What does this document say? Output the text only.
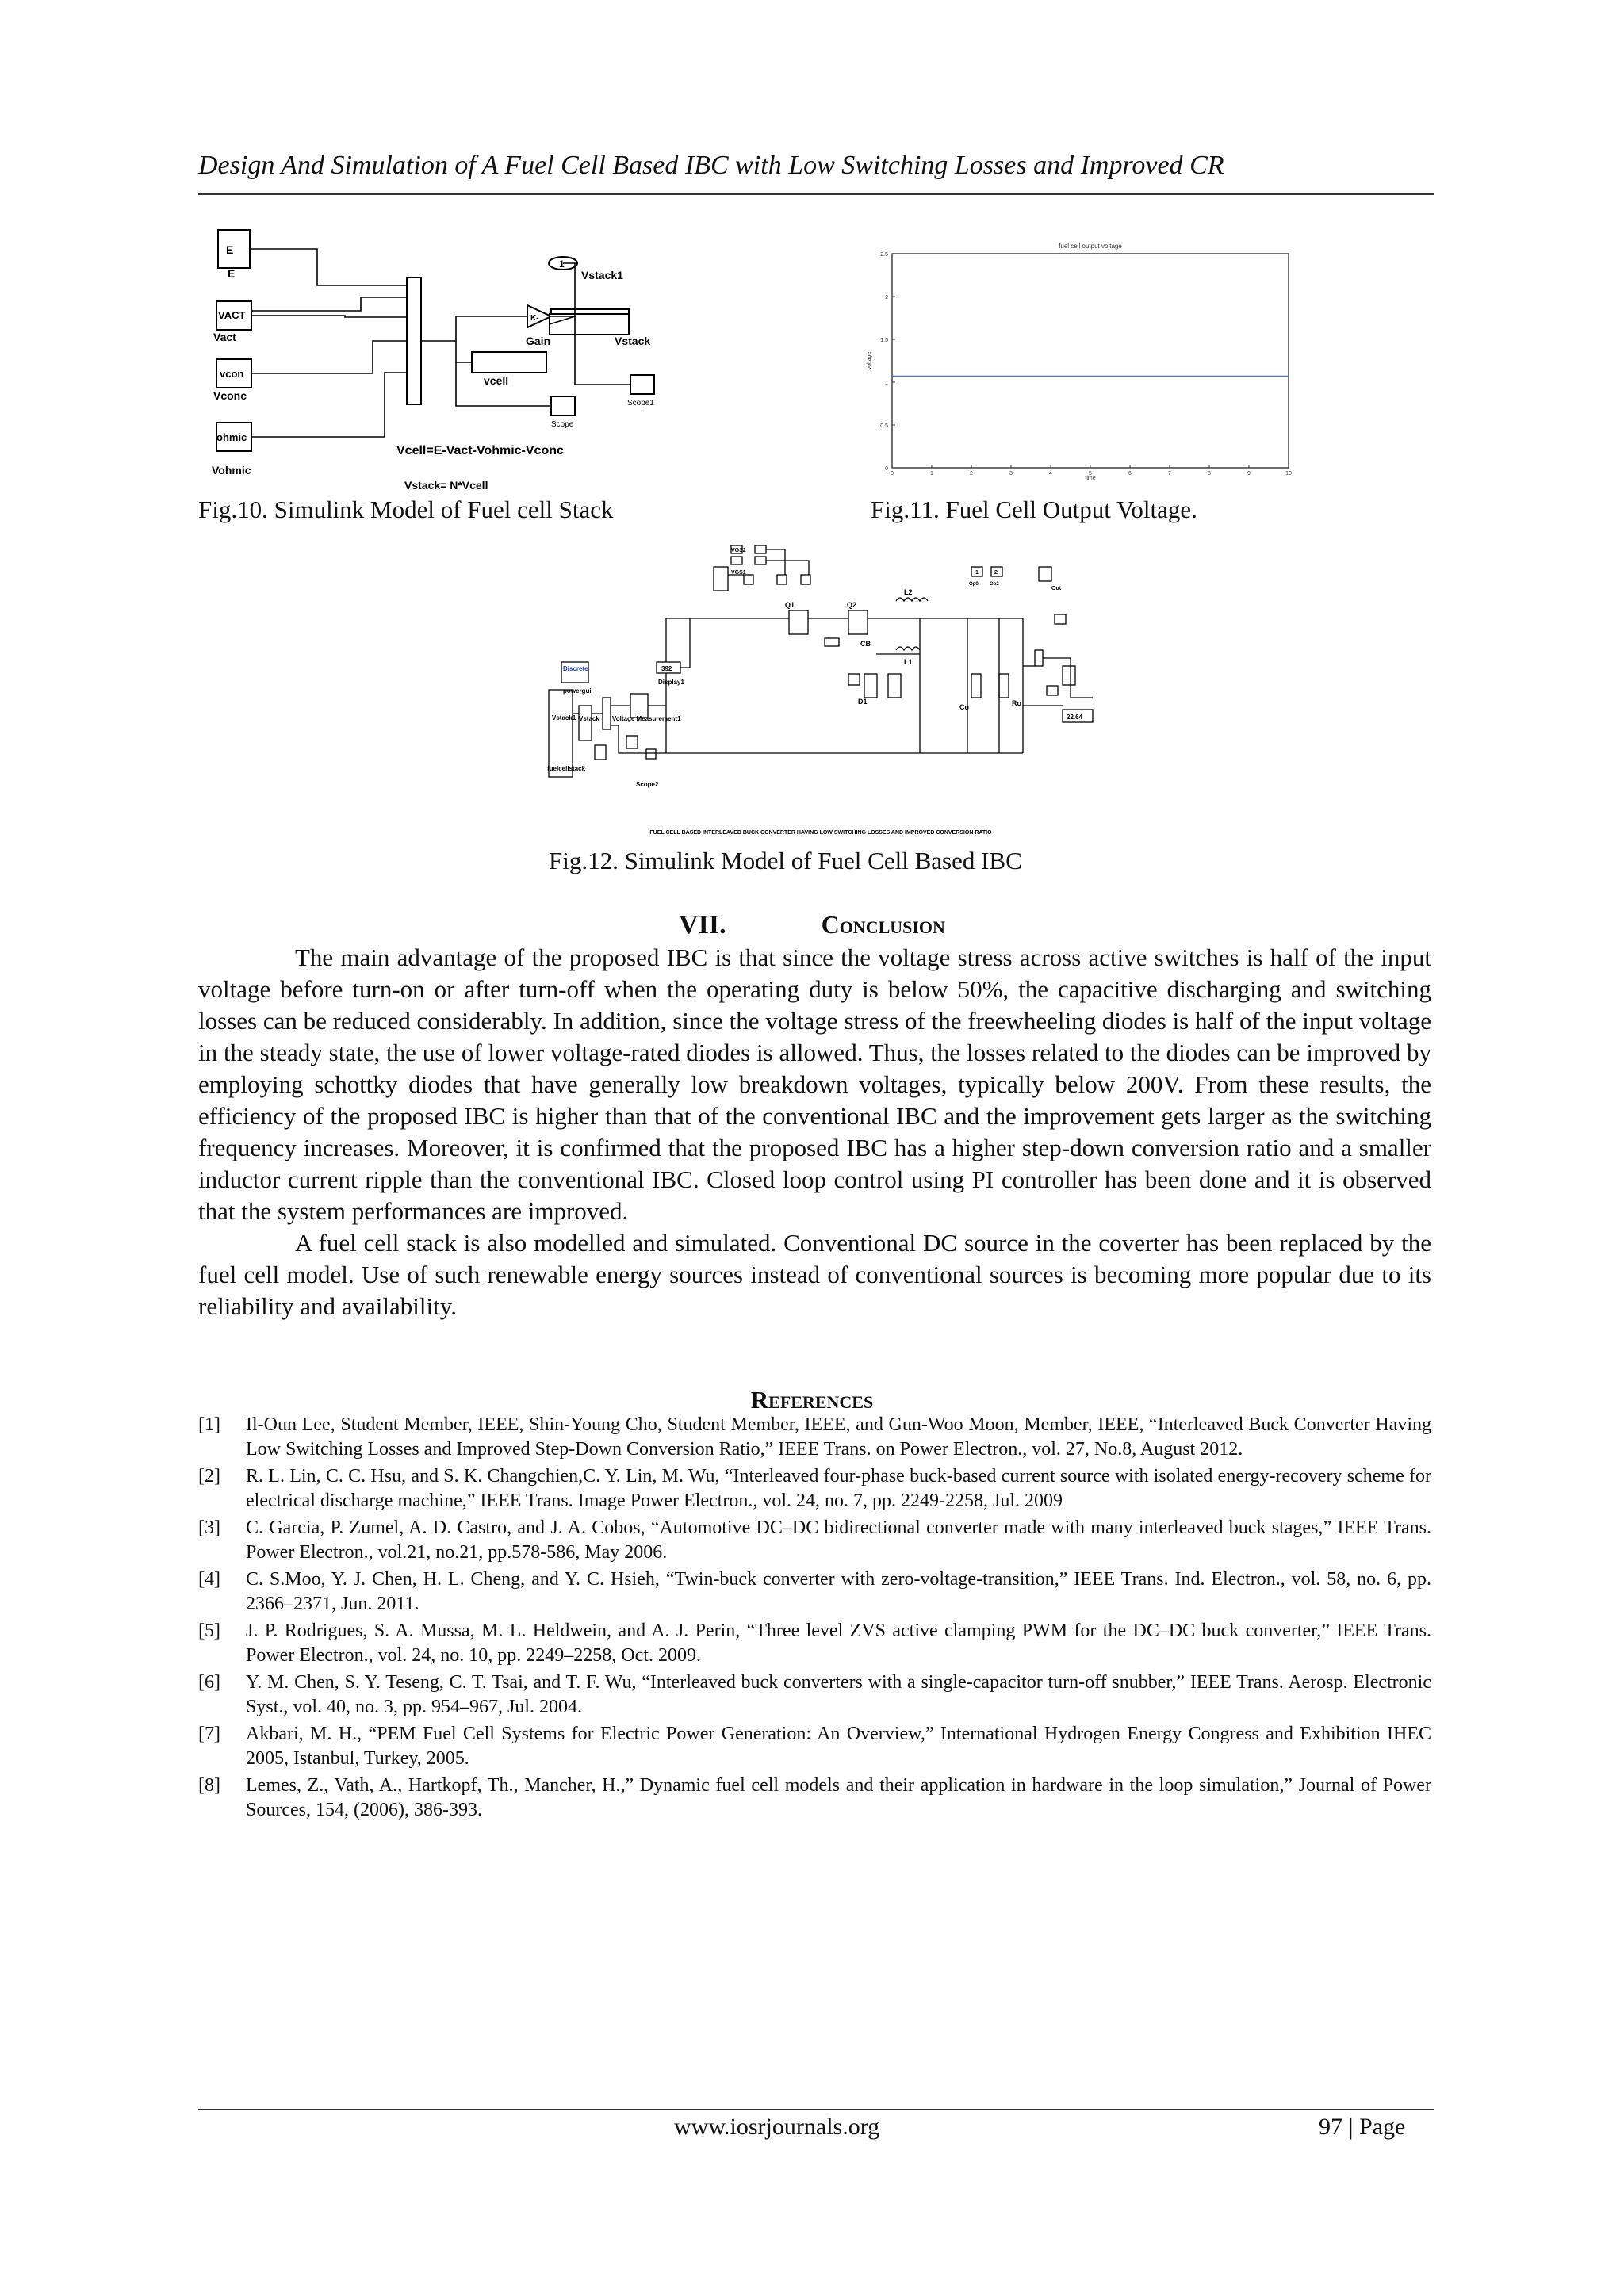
Design And Simulation of A Fuel Cell Based IBC with Low Switching Losses and Improved CR
E
E
VACT
Vact
vcon
Vconc
ohmic
Vohmic
1
Vstack1
K-
Gain	Vstack
vcell
Scope
Scope1
Vcell=E-Vact-Vohmic-Vconc
Vstack= N*Vcell
Fig.10. Simulink Model of Fuel cell Stack
fuel cell output voltage
time
voltage
0	1	2	3	4	5	6	7	8	9	10
0
0.5
1
1.5
2
2.5
Fig.11. Fuel Cell Output Voltage.
Discrete
powergui
392
Display1
Voltage Measurement1
Vstack1 Vstack
fuelcellstack
Scope2
VGS2
VGS1
Q1	Q2
CB
L2
L1
D1
Co	Ro
Out
22.64
1	2
Op0 Op2
FUEL CELL BASED INTERLEAVED BUCK CONVERTER HAVING LOW SWITCHING LOSSES AND IMPROVED CONVERSION RATIO
Fig.12. Simulink Model of Fuel Cell Based IBC
VII.	Conclusion

The main advantage of the proposed IBC is that since the voltage stress across active switches is half of the input voltage before turn-on or after turn-off when the operating duty is below 50%, the capacitive discharging and switching losses can be reduced considerably. In addition, since the voltage stress of the freewheeling diodes is half of the input voltage in the steady state, the use of lower voltage-rated diodes is allowed. Thus, the losses related to the diodes can be improved by employing schottky diodes that have generally low breakdown voltages, typically below 200V. From these results, the efficiency of the proposed IBC is higher than that of the conventional IBC and the improvement gets larger as the switching frequency increases. Moreover, it is confirmed that the proposed IBC has a higher step-down conversion ratio and a smaller inductor current ripple than the conventional IBC. Closed loop control using PI controller has been done and it is observed that the system performances are improved.

A fuel cell stack is also modelled and simulated. Conventional DC source in the coverter has been replaced by the fuel cell model. Use of such renewable energy sources instead of conventional sources is becoming more popular due to its reliability and availability.

References
[1] Il-Oun Lee, Student Member, IEEE, Shin-Young Cho, Student Member, IEEE, and Gun-Woo Moon, Member, IEEE, “Interleaved Buck Converter Having Low Switching Losses and Improved Step-Down Conversion Ratio,” IEEE Trans. on Power Electron., vol. 27, No.8, August 2012.
[2] R. L. Lin, C. C. Hsu, and S. K. Changchien,C. Y. Lin, M. Wu, “Interleaved four-phase buck-based current source with isolated energy-recovery scheme for electrical discharge machine,” IEEE Trans. Image Power Electron., vol. 24, no. 7, pp. 2249-2258, Jul. 2009
[3] C. Garcia, P. Zumel, A. D. Castro, and J. A. Cobos, “Automotive DC–DC bidirectional converter made with many interleaved buck stages,” IEEE Trans. Power Electron., vol.21, no.21, pp.578-586, May 2006.
[4] C. S.Moo, Y. J. Chen, H. L. Cheng, and Y. C. Hsieh, “Twin-buck converter with zero-voltage-transition,” IEEE Trans. Ind. Electron., vol. 58, no. 6, pp. 2366–2371, Jun. 2011.
[5] J. P. Rodrigues, S. A. Mussa, M. L. Heldwein, and A. J. Perin, “Three level ZVS active clamping PWM for the DC–DC buck converter,” IEEE Trans. Power Electron., vol. 24, no. 10, pp. 2249–2258, Oct. 2009.
[6] Y. M. Chen, S. Y. Teseng, C. T. Tsai, and T. F. Wu, “Interleaved buck converters with a single-capacitor turn-off snubber,” IEEE Trans. Aerosp. Electronic Syst., vol. 40, no. 3, pp. 954–967, Jul. 2004.
[7] Akbari, M. H., “PEM Fuel Cell Systems for Electric Power Generation: An Overview,” International Hydrogen Energy Congress and Exhibition IHEC 2005, Istanbul, Turkey, 2005.
[8] Lemes, Z., Vath, A., Hartkopf, Th., Mancher, H.,” Dynamic fuel cell models and their application in hardware in the loop simulation,” Journal of Power Sources, 154, (2006), 386-393.
www.iosrjournals.org	97 | Page
